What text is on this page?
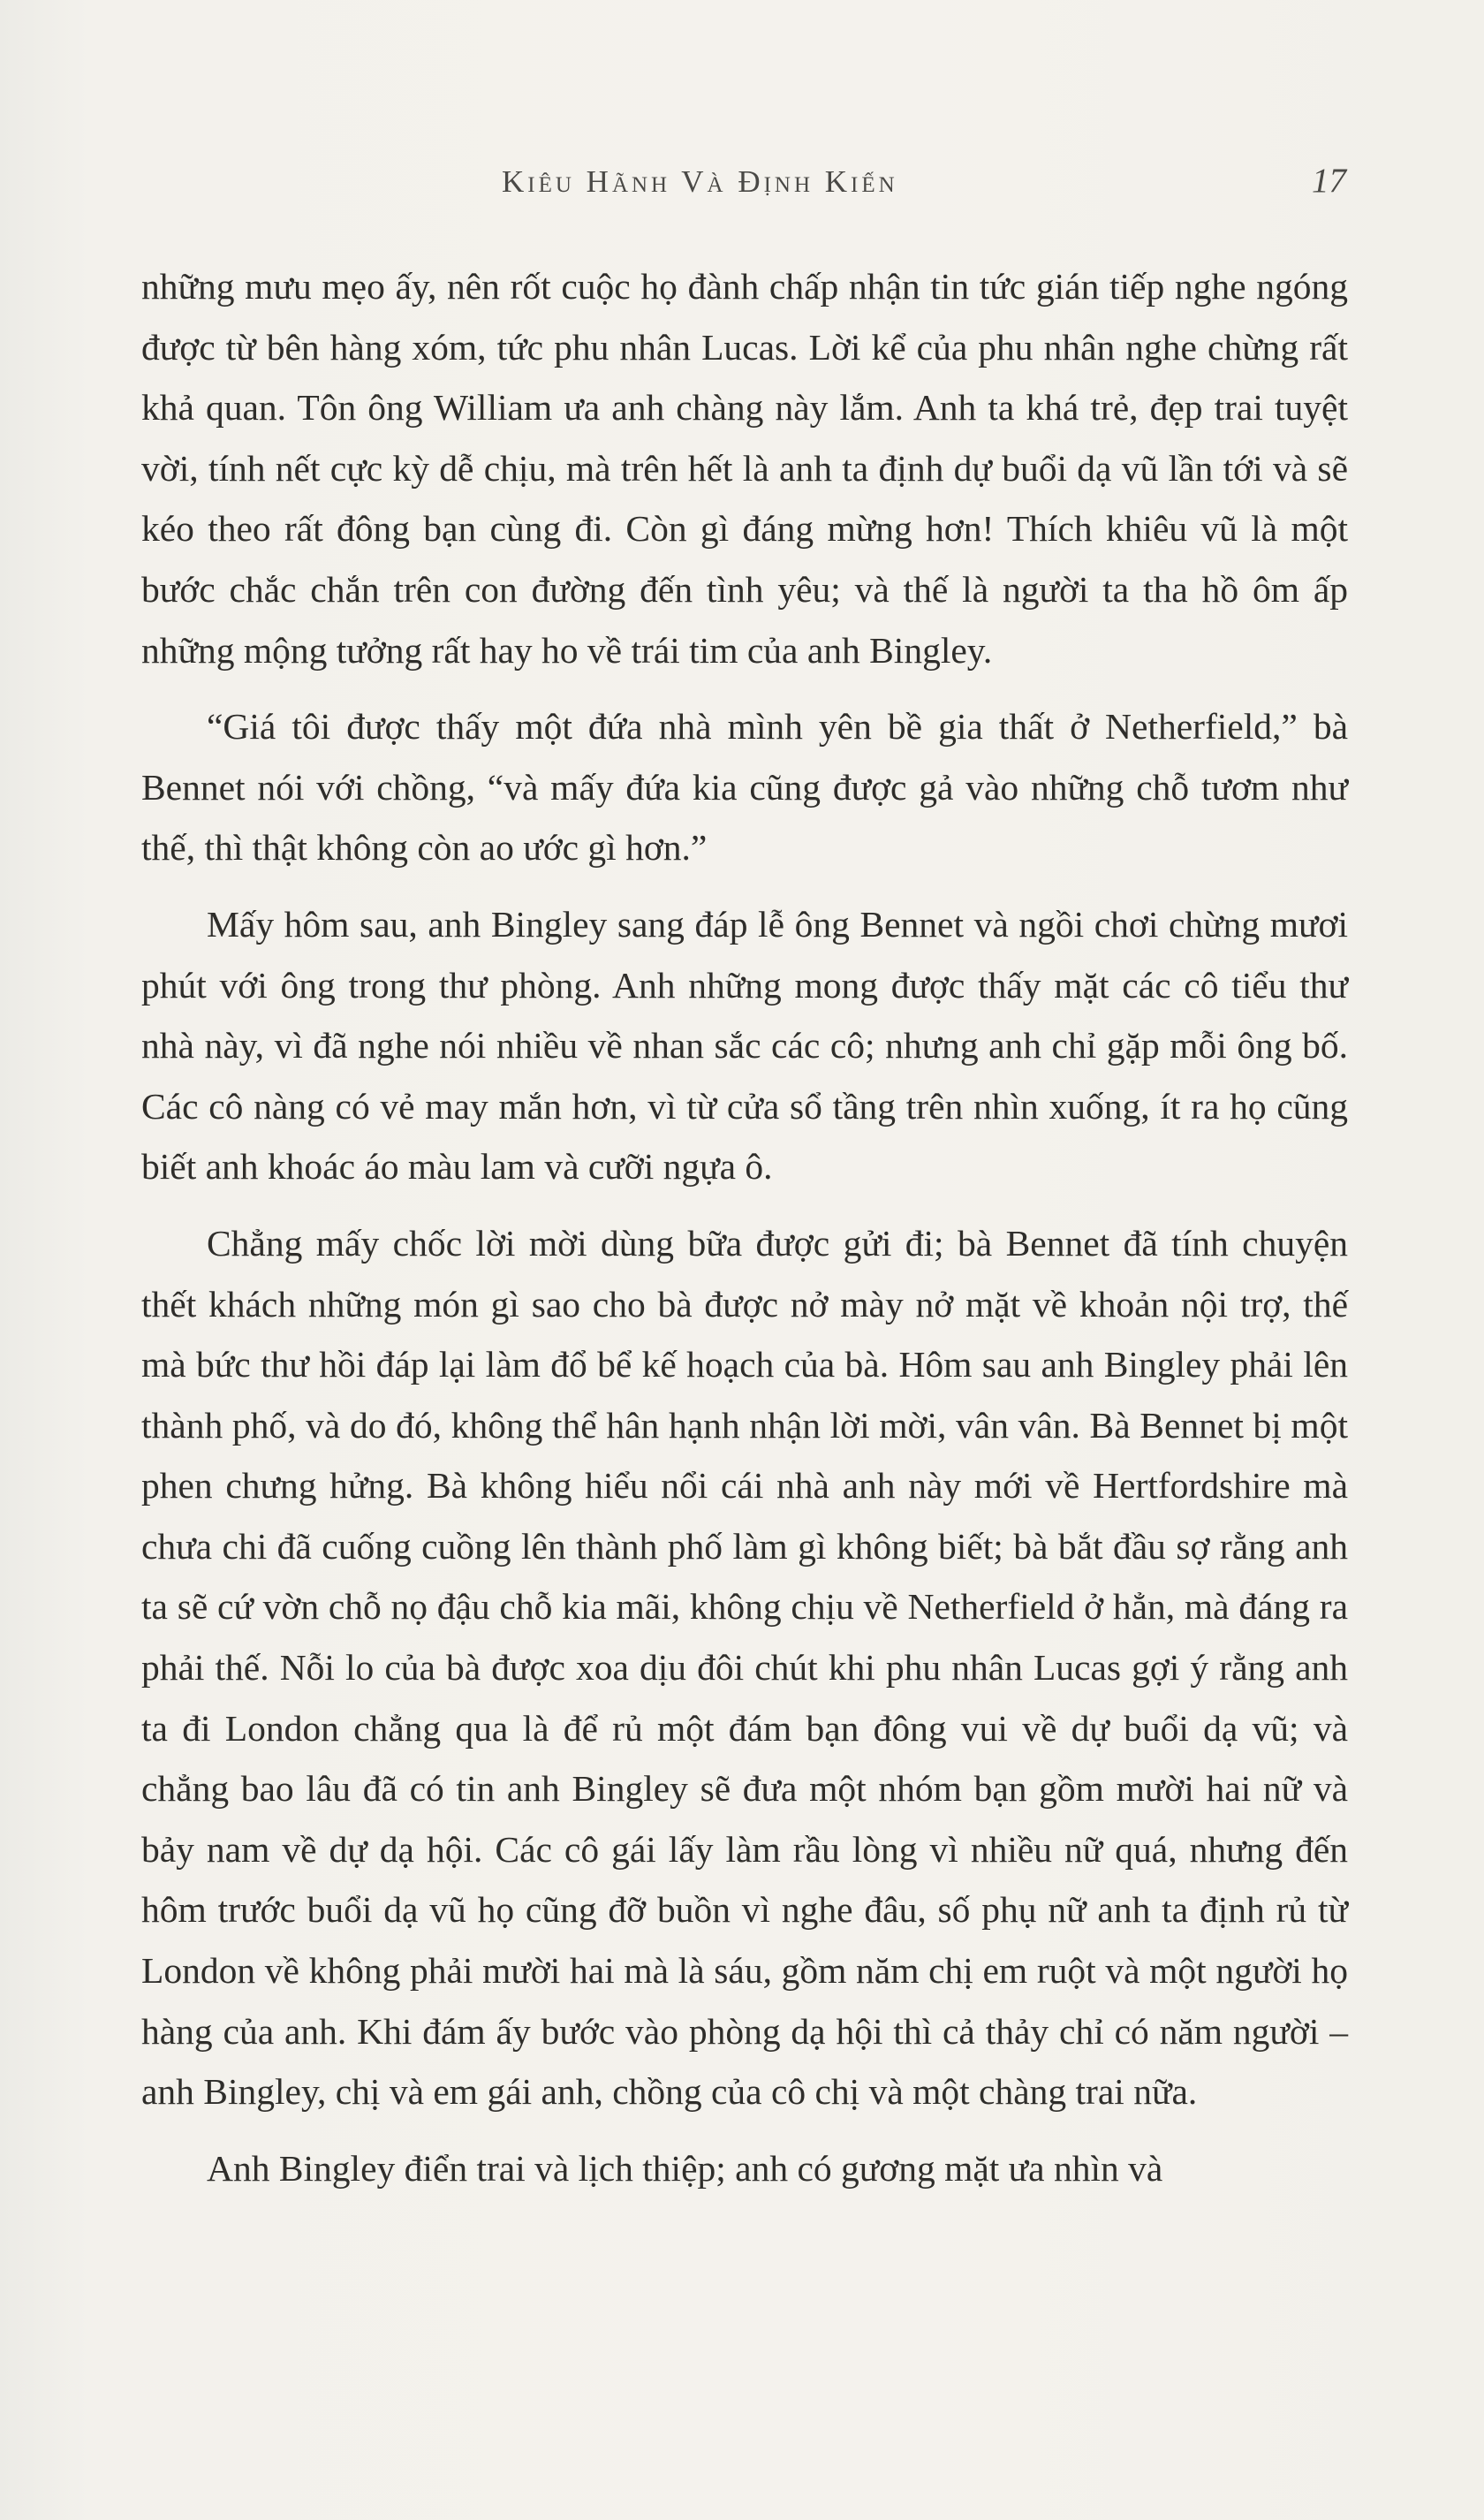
Kiêu Hãnh Và Định Kiến	17

những mưu mẹo ấy, nên rốt cuộc họ đành chấp nhận tin tức gián tiếp nghe ngóng được từ bên hàng xóm, tức phu nhân Lucas. Lời kể của phu nhân nghe chừng rất khả quan. Tôn ông William ưa anh chàng này lắm. Anh ta khá trẻ, đẹp trai tuyệt vời, tính nết cực kỳ dễ chịu, mà trên hết là anh ta định dự buổi dạ vũ lần tới và sẽ kéo theo rất đông bạn cùng đi. Còn gì đáng mừng hơn! Thích khiêu vũ là một bước chắc chắn trên con đường đến tình yêu; và thế là người ta tha hồ ôm ấp những mộng tưởng rất hay ho về trái tim của anh Bingley.

“Giá tôi được thấy một đứa nhà mình yên bề gia thất ở Netherfield,” bà Bennet nói với chồng, “và mấy đứa kia cũng được gả vào những chỗ tươm như thế, thì thật không còn ao ước gì hơn.”

Mấy hôm sau, anh Bingley sang đáp lễ ông Bennet và ngồi chơi chừng mươi phút với ông trong thư phòng. Anh những mong được thấy mặt các cô tiểu thư nhà này, vì đã nghe nói nhiều về nhan sắc các cô; nhưng anh chỉ gặp mỗi ông bố. Các cô nàng có vẻ may mắn hơn, vì từ cửa sổ tầng trên nhìn xuống, ít ra họ cũng biết anh khoác áo màu lam và cưỡi ngựa ô.

Chẳng mấy chốc lời mời dùng bữa được gửi đi; bà Bennet đã tính chuyện thết khách những món gì sao cho bà được nở mày nở mặt về khoản nội trợ, thế mà bức thư hồi đáp lại làm đổ bể kế hoạch của bà. Hôm sau anh Bingley phải lên thành phố, và do đó, không thể hân hạnh nhận lời mời, vân vân. Bà Bennet bị một phen chưng hửng. Bà không hiểu nổi cái nhà anh này mới về Hertfordshire mà chưa chi đã cuống cuồng lên thành phố làm gì không biết; bà bắt đầu sợ rằng anh ta sẽ cứ vờn chỗ nọ đậu chỗ kia mãi, không chịu về Netherfield ở hẳn, mà đáng ra phải thế. Nỗi lo của bà được xoa dịu đôi chút khi phu nhân Lucas gợi ý rằng anh ta đi London chẳng qua là để rủ một đám bạn đông vui về dự buổi dạ vũ; và chẳng bao lâu đã có tin anh Bingley sẽ đưa một nhóm bạn gồm mười hai nữ và bảy nam về dự dạ hội. Các cô gái lấy làm rầu lòng vì nhiều nữ quá, nhưng đến hôm trước buổi dạ vũ họ cũng đỡ buồn vì nghe đâu, số phụ nữ anh ta định rủ từ London về không phải mười hai mà là sáu, gồm năm chị em ruột và một người họ hàng của anh. Khi đám ấy bước vào phòng dạ hội thì cả thảy chỉ có năm người – anh Bingley, chị và em gái anh, chồng của cô chị và một chàng trai nữa.

Anh Bingley điển trai và lịch thiệp; anh có gương mặt ưa nhìn và
